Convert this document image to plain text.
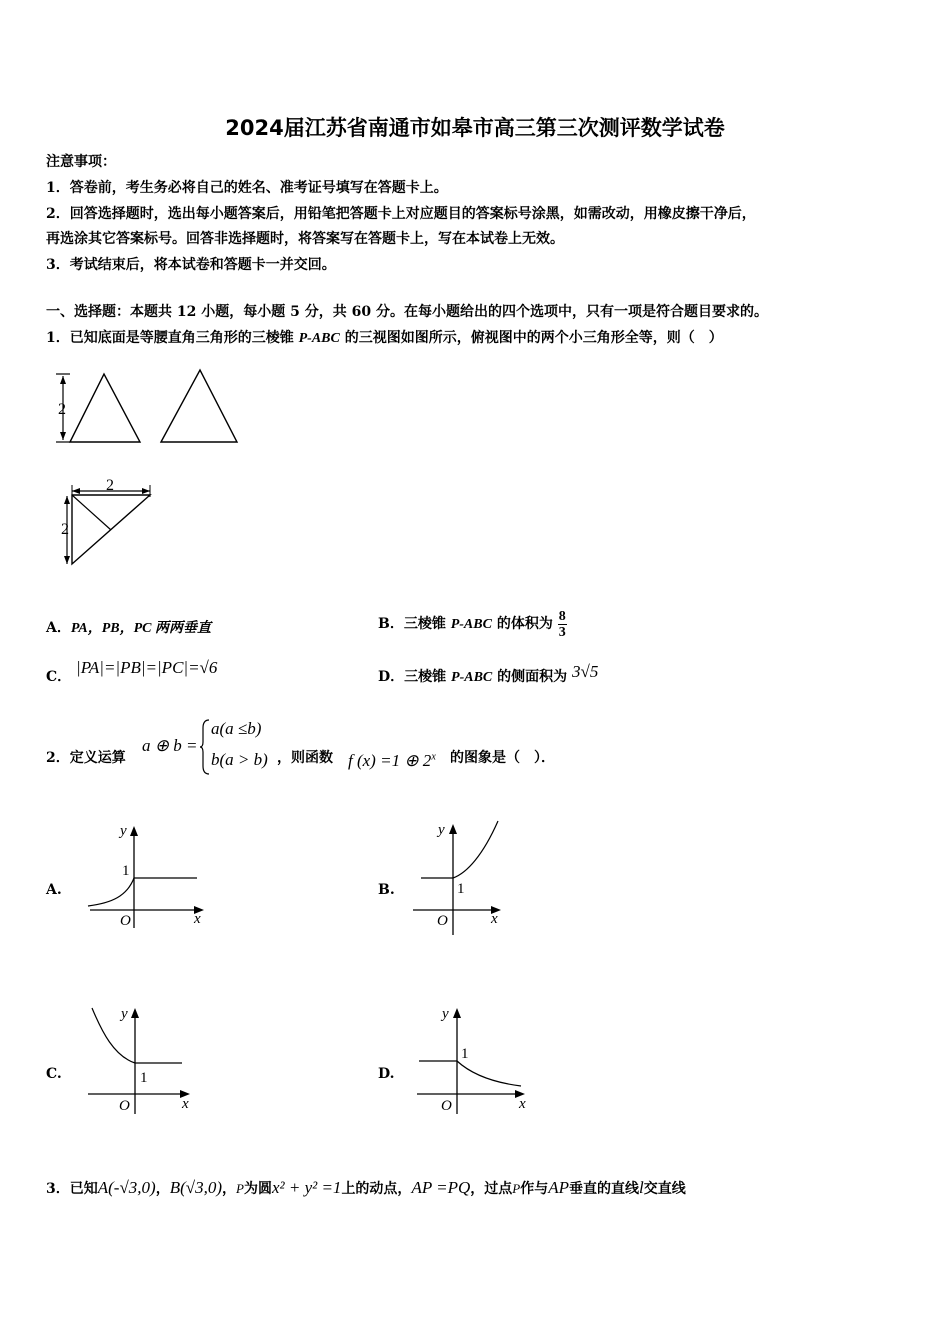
2024届江苏省南通市如皋市高三第三次测评数学试卷
注意事项：
1．答卷前，考生务必将自己的姓名、准考证号填写在答题卡上。
2．回答选择题时，选出每小题答案后，用铅笔把答题卡上对应题目的答案标号涂黑，如需改动，用橡皮擦干净后，
再选涂其它答案标号。回答非选择题时，将答案写在答题卡上，写在本试卷上无效。
3．考试结束后，将本试卷和答题卡一并交回。
一、选择题：本题共 12 小题，每小题 5 分，共 60 分。在每小题给出的四个选项中，只有一项是符合题目要求的。
1．已知底面是等腰直角三角形的三棱锥 P-ABC 的三视图如图所示，俯视图中的两个小三角形全等，则（　）
2
2
2
A．PA，PB，PC 两两垂直	B．三棱锥 P-ABC 的体积为 $\frac{8}{3}$
C． |PA|=|PB|=|PC|=√6	D．三棱锥 P-ABC 的侧面积为 3√5
2．定义运算
a ⊕ b =
a(a ≤b)
b(a > b) ，则函数 f (x) =1 ⊕ 2$^x$ 的图象是（　）．
A.
y
x
O
1
B.
y
x
O
1
C.
y
x
O
1	D.
y
x
O
1
3．已知A(-√3,0)，B(√3,0)，P为圆x² + y² =1上的动点，AP =PQ，过点P作与AP垂直的直线l交直线
